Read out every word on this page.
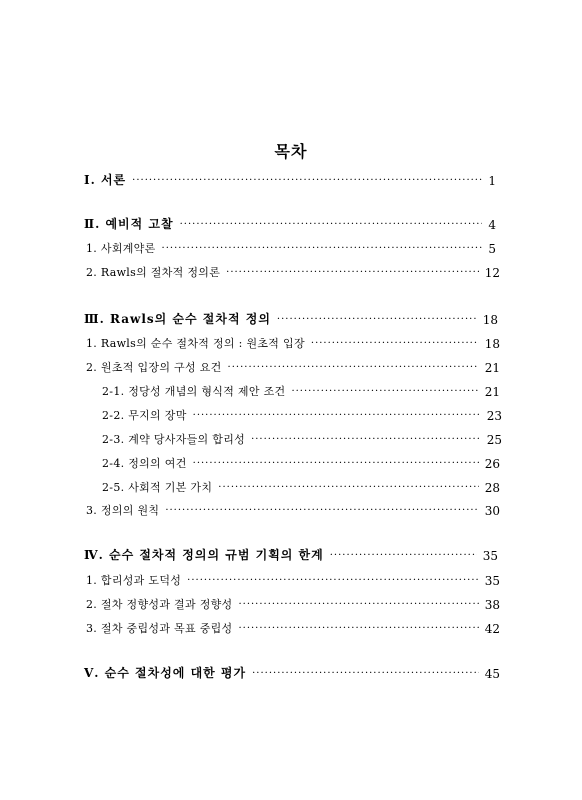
목차
Ⅰ. 서론 ·····	1
Ⅱ. 예비적 고찰 ·····	4
1. 사회계약론 ·····	5
2. Rawls의 절차적 정의론 ·····	12
Ⅲ. Rawls의 순수 절차적 정의 ·····	18
1. Rawls의 순수 절차적 정의 : 원초적 입장 ·····	18
2. 원초적 입장의 구성 요건 ·····	21
2-1. 정당성 개념의 형식적 제안 조건 ·····	21
2-2. 무지의 장막 ·····	23
2-3. 계약 당사자들의 합리성 ·····	25
2-4. 정의의 여건 ·····	26
2-5. 사회적 기본 가치 ·····	28
3. 정의의 원칙 ·····	30
Ⅳ. 순수 절차적 정의의 규범 기획의 한계 ·····	35
1. 합리성과 도덕성 ·····	35
2. 절차 정향성과 결과 정향성 ·····	38
3. 절차 중립성과 목표 중립성 ·····	42
Ⅴ. 순수 절차성에 대한 평가 ·····	45
